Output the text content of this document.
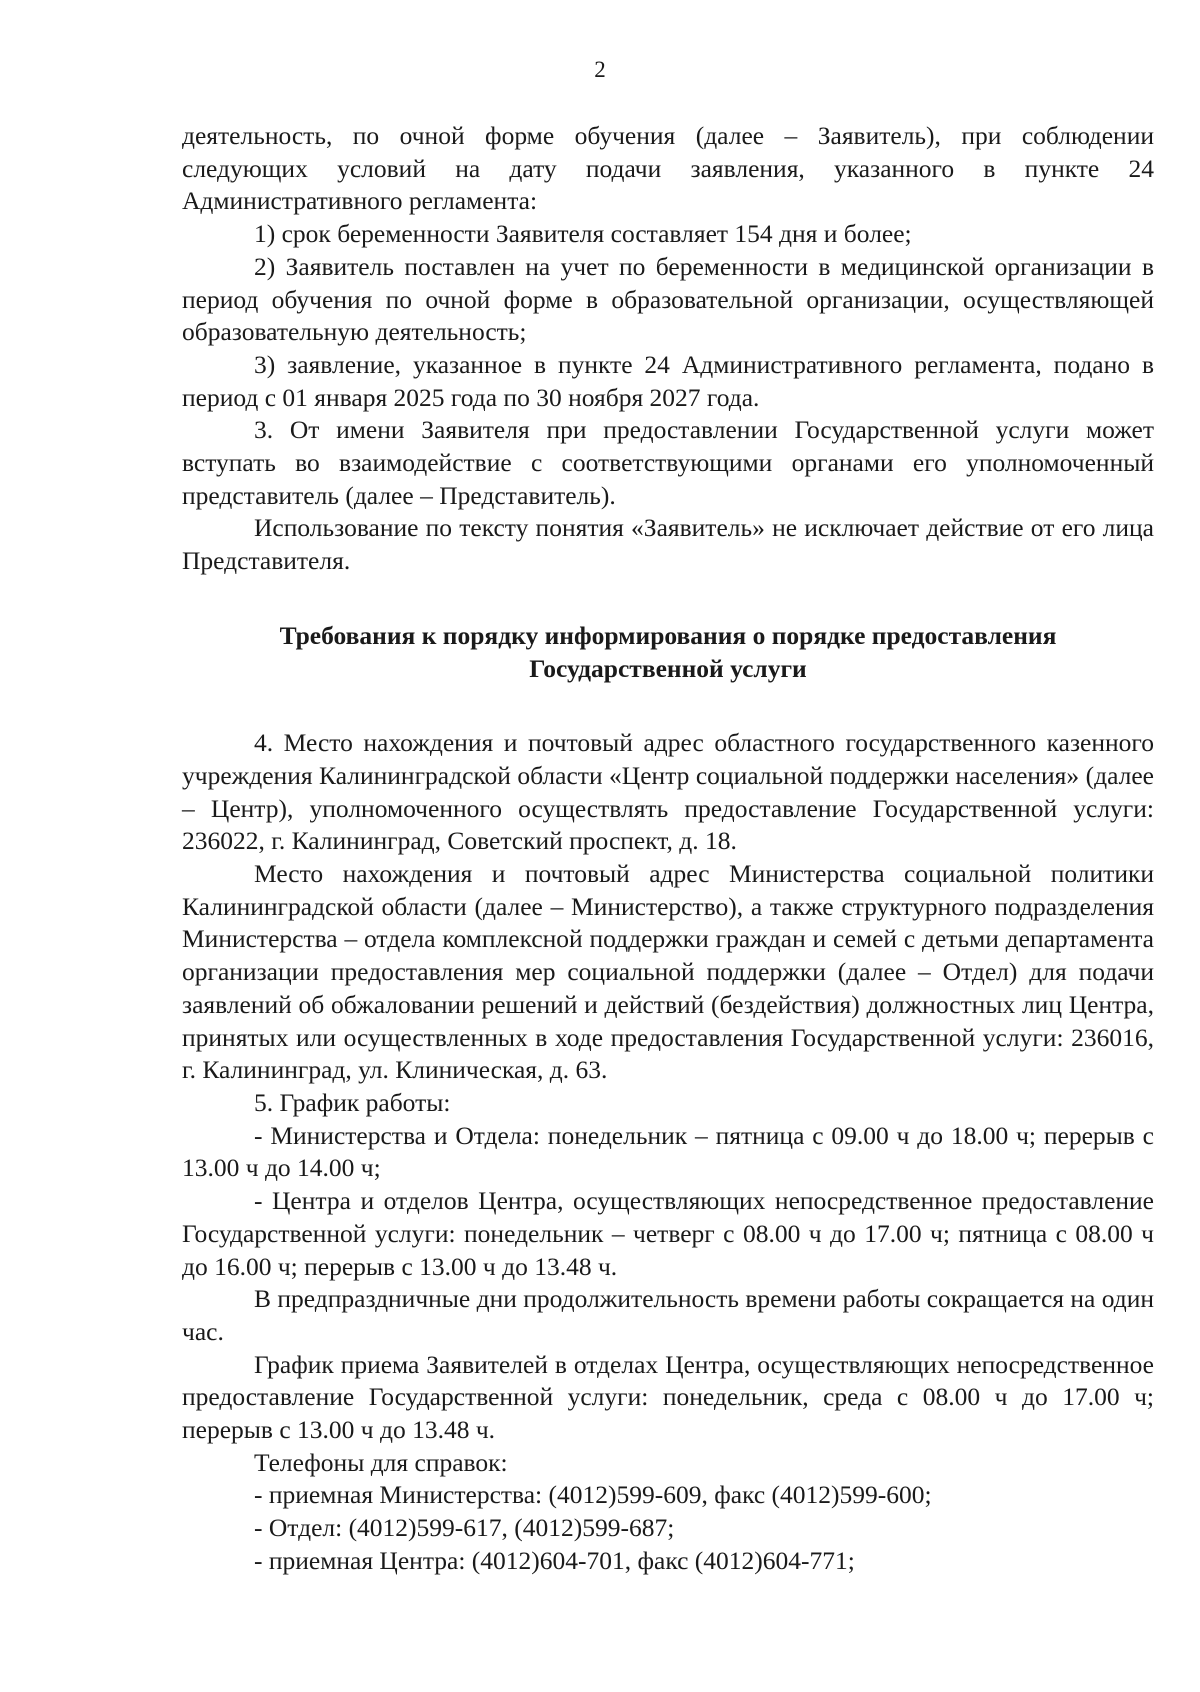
2

деятельность, по очной форме обучения (далее – Заявитель), при соблюдении следующих условий на дату подачи заявления, указанного в пункте 24 Административного регламента:

1) срок беременности Заявителя составляет 154 дня и более;

2) Заявитель поставлен на учет по беременности в медицинской организации в период обучения по очной форме в образовательной организации, осуществляющей образовательную деятельность;

3) заявление, указанное в пункте 24 Административного регламента, подано в период с 01 января 2025 года по 30 ноября 2027 года.

3. От имени Заявителя при предоставлении Государственной услуги может вступать во взаимодействие с соответствующими органами его уполномоченный представитель (далее – Представитель).

Использование по тексту понятия «Заявитель» не исключает действие от его лица Представителя.

Требования к порядку информирования о порядке предоставления
Государственной услуги

4. Место нахождения и почтовый адрес областного государственного казенного учреждения Калининградской области «Центр социальной поддержки населения» (далее – Центр), уполномоченного осуществлять предоставление Государственной услуги: 236022, г. Калининград, Советский проспект, д. 18.

Место нахождения и почтовый адрес Министерства социальной политики Калининградской области (далее – Министерство), а также структурного подразделения Министерства – отдела комплексной поддержки граждан и семей с детьми департамента организации предоставления мер социальной поддержки (далее – Отдел) для подачи заявлений об обжаловании решений и действий (бездействия) должностных лиц Центра, принятых или осуществленных в ходе предоставления Государственной услуги: 236016, г. Калининград, ул. Клиническая, д. 63.

5. График работы:

- Министерства и Отдела: понедельник – пятница с 09.00 ч до 18.00 ч; перерыв с 13.00 ч до 14.00 ч;

- Центра и отделов Центра, осуществляющих непосредственное предоставление Государственной услуги: понедельник – четверг с 08.00 ч до 17.00 ч; пятница с 08.00 ч до 16.00 ч; перерыв с 13.00 ч до 13.48 ч.

В предпраздничные дни продолжительность времени работы сокращается на один час.

График приема Заявителей в отделах Центра, осуществляющих непосредственное предоставление Государственной услуги: понедельник, среда с 08.00 ч до 17.00 ч; перерыв с 13.00 ч до 13.48 ч.

Телефоны для справок:

- приемная Министерства: (4012)599-609, факс (4012)599-600;

- Отдел: (4012)599-617, (4012)599-687;

- приемная Центра: (4012)604-701, факс (4012)604-771;
